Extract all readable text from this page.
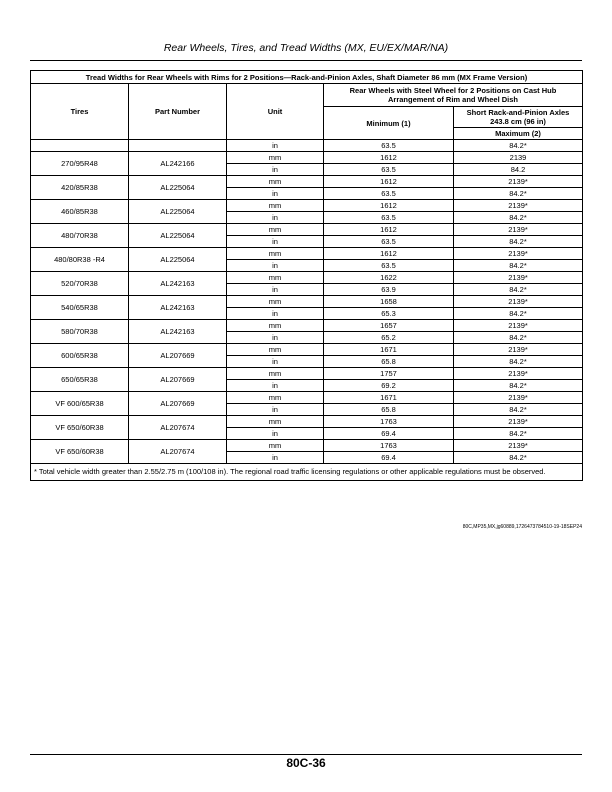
Rear Wheels, Tires, and Tread Widths (MX, EU/EX/MAR/NA)
Tread Widths for Rear Wheels with Rims for 2 Positions—Rack-and-Pinion Axles, Shaft Diameter 86 mm (MX Frame Version)				
Tires	Part Number	Unit	Rear Wheels with Steel Wheel for 2 Positions on Cast Hub Arrangement of Rim and Wheel Dish	
			Minimum (1)	Short Rack-and-Pinion Axles 243.8 cm (96 in)
				Maximum (2)
		in	63.5	84.2*
270/95R48	AL242166	mm	1612	2139
		in	63.5	84.2
420/85R38	AL225064	mm	1612	2139*
		in	63.5	84.2*
460/85R38	AL225064	mm	1612	2139*
		in	63.5	84.2*
480/70R38	AL225064	mm	1612	2139*
		in	63.5	84.2*
480/80R38 -R4	AL225064	mm	1612	2139*
		in	63.5	84.2*
520/70R38	AL242163	mm	1622	2139*
		in	63.9	84.2*
540/65R38	AL242163	mm	1658	2139*
		in	65.3	84.2*
580/70R38	AL242163	mm	1657	2139*
		in	65.2	84.2*
600/65R38	AL207669	mm	1671	2139*
		in	65.8	84.2*
650/65R38	AL207669	mm	1757	2139*
		in	69.2	84.2*
VF 600/65R38	AL207669	mm	1671	2139*
		in	65.8	84.2*
VF 650/60R38	AL207674	mm	1763	2139*
		in	69.4	84.2*
VF 650/60R38	AL207674	mm	1763	2139*
		in	69.4	84.2*
* Total vehicle width greater than 2.55/2.75 m (100/108 in). The regional road traffic licensing regulations or other applicable regulations must be observed.				
80C,MP35,MX,jg60889,1726473784510-19-18SEP24
80C-36
